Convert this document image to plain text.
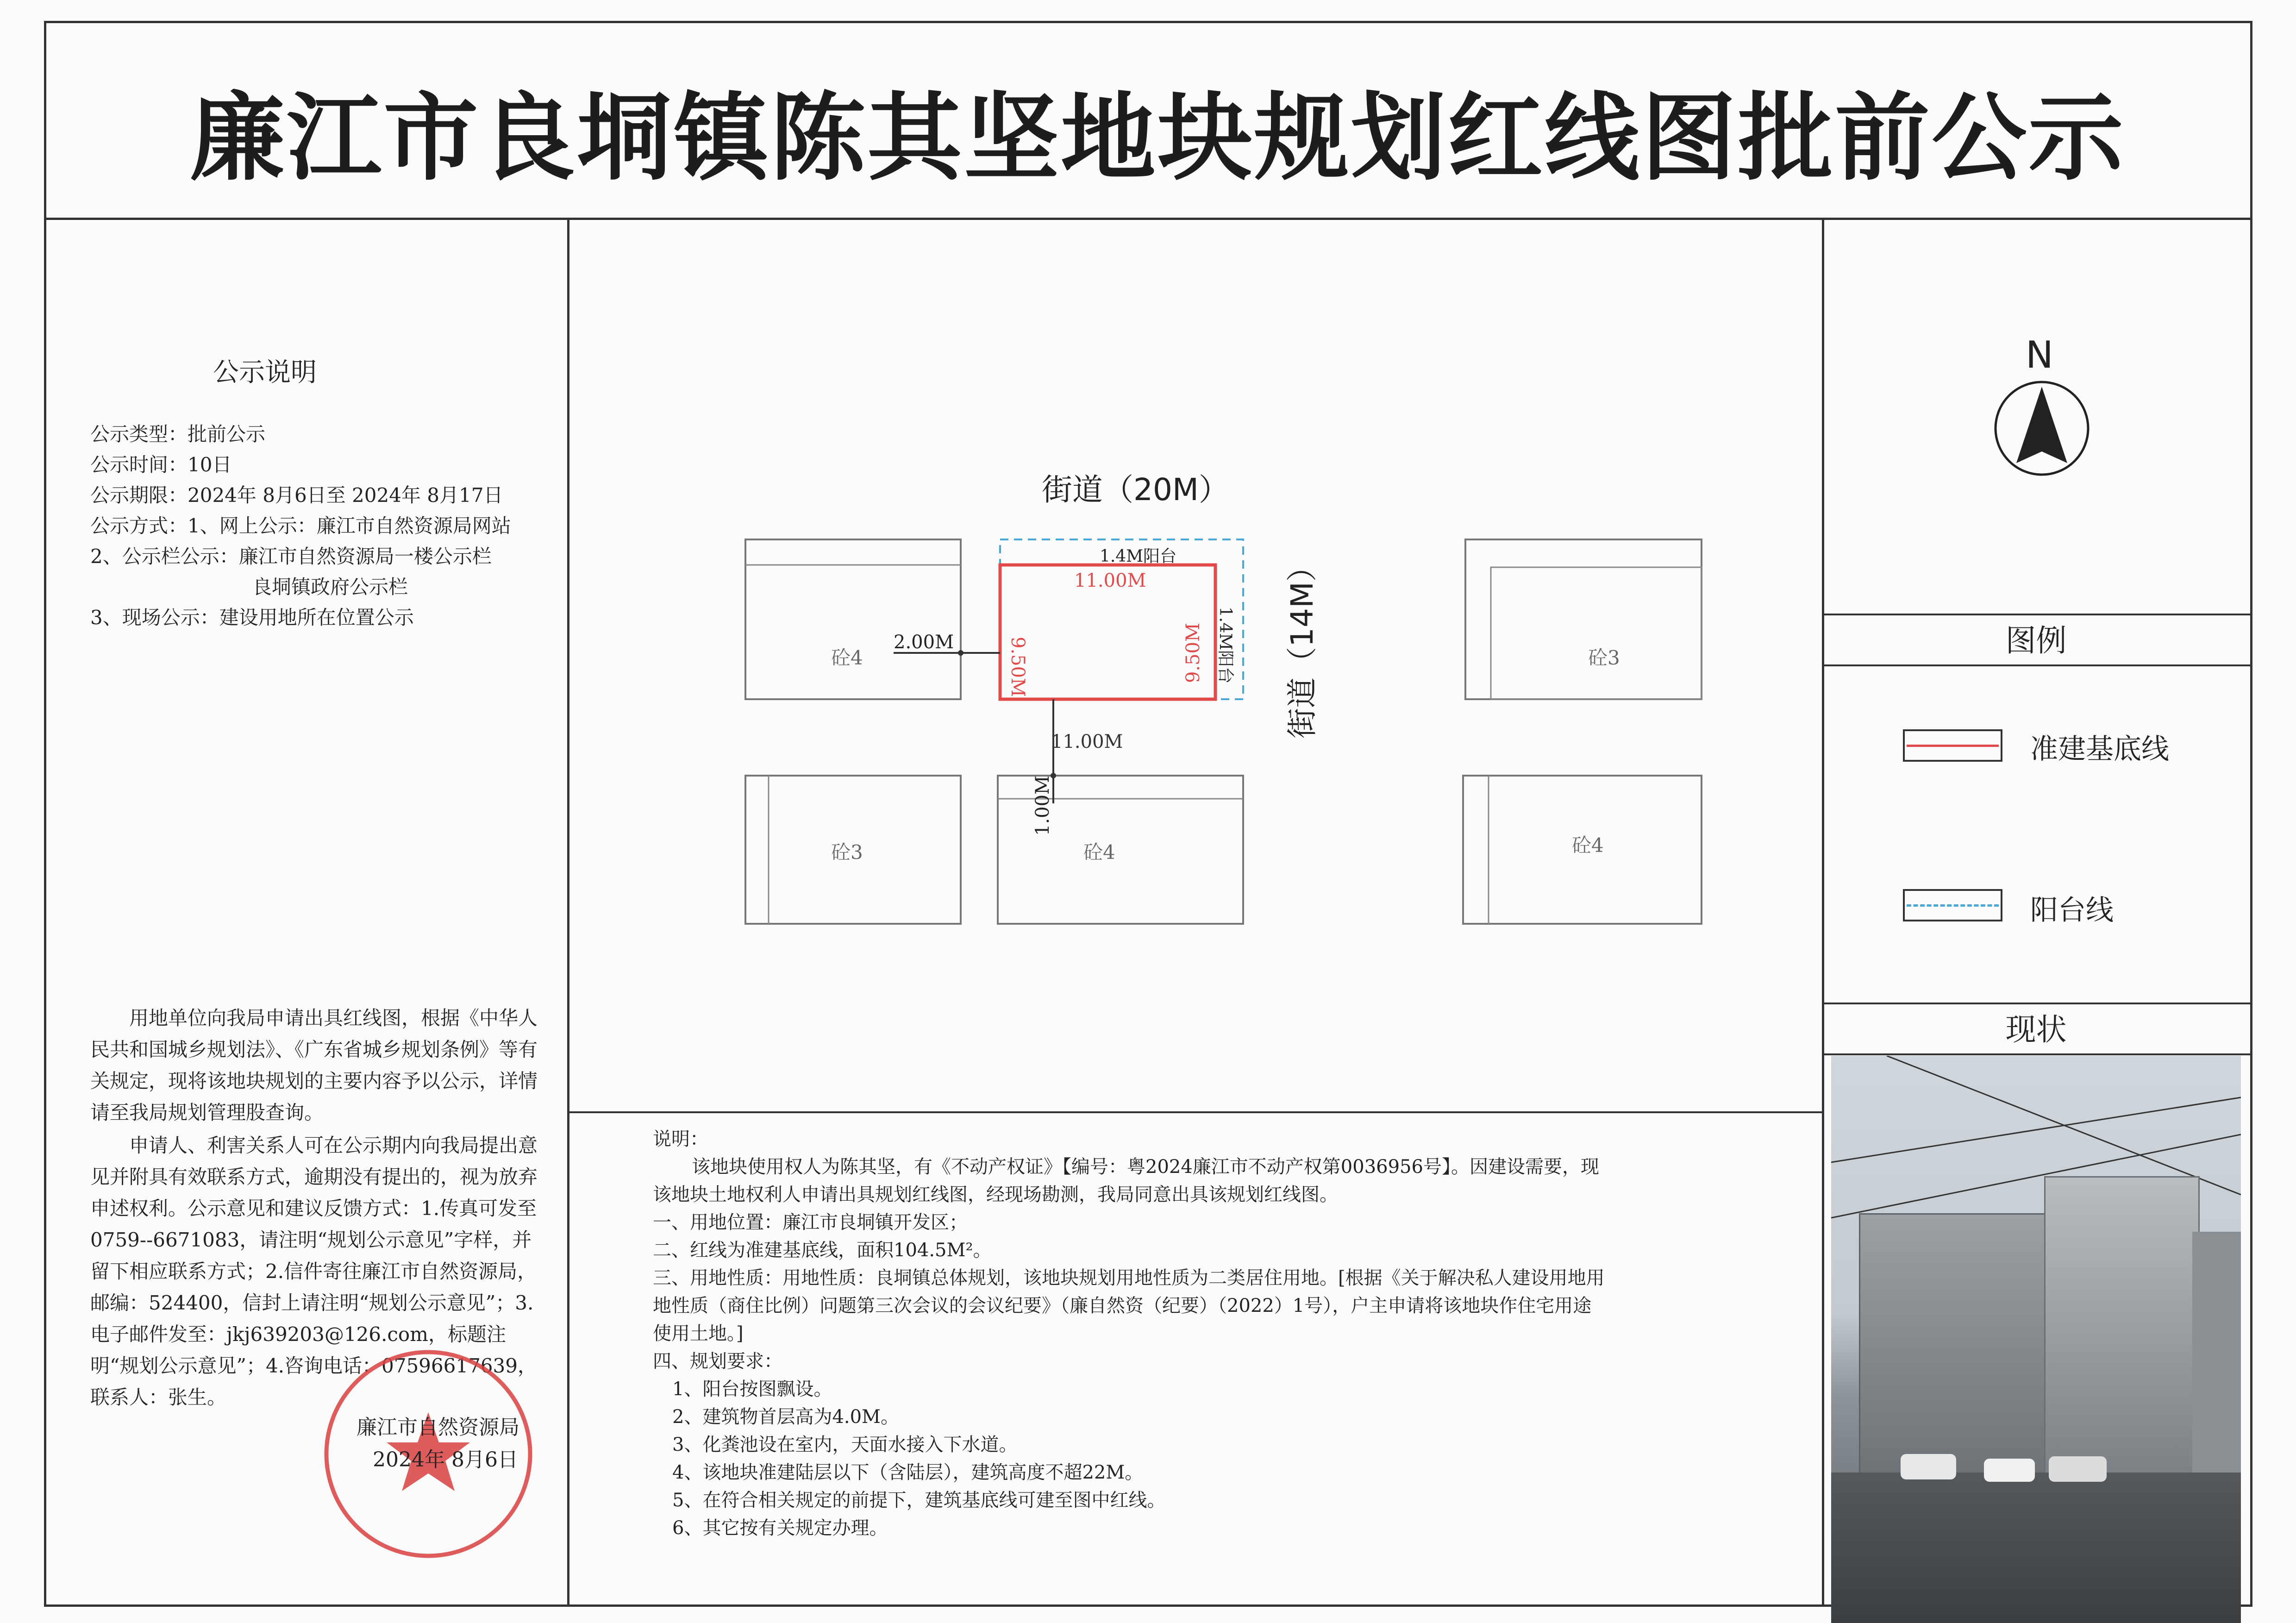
廉江市良垌镇陈其坚地块规划红线图批前公示
公示说明
公示类型：批前公示
公示时间：10日
公示期限：2024年 8月6日至 2024年 8月17日
公示方式：1、网上公示：廉江市自然资源局网站
2、公示栏公示：廉江市自然资源局一楼公示栏
良垌镇政府公示栏
3、现场公示：建设用地所在位置公示
用地单位向我局申请出具红线图，根据《中华人民共和国城乡规划法》、《广东省城乡规划条例》等有关规定，现将该地块规划的主要内容予以公示，详情请至我局规划管理股查询。
申请人、利害关系人可在公示期内向我局提出意见并附具有效联系方式，逾期没有提出的，视为放弃申述权利。公示意见和建议反馈方式：1.传真可发至0759--6671083，请注明“规划公示意见”字样，并留下相应联系方式；2.信件寄往廉江市自然资源局，邮编：524400，信封上请注明“规划公示意见”；3.电子邮件发至：jkj639203@126.com，标题注明“规划公示意见”；4.咨询电话：07596617639，联系人：张生。
廉江市自然资源局
2024年 8月6日
街道（20M）
街道（14M）
1.4M阳台
1.4M阳台
11.00M
11.00M
9.50M	9.50M
2.00M
1.00M
砼4
砼3	砼4
砼3
砼4
说明：
该地块使用权人为陈其坚，有《不动产权证》【编号：粤2024廉江市不动产权第0036956号】。因建设需要，现该地块土地权利人申请出具规划红线图，经现场勘测，我局同意出具该规划红线图。
一、用地位置：廉江市良垌镇开发区；
二、红线为准建基底线，面积104.5M²。
三、用地性质：用地性质：良垌镇总体规划，该地块规划用地性质为二类居住用地。[根据《关于解决私人建设用地用地性质（商住比例）问题第三次会议的会议纪要》（廉自然资（纪要）（2022）1号），户主申请将该地块作住宅用途使用土地。]
四、规划要求：
1、阳台按图飘设。
2、建筑物首层高为4.0M。
3、化粪池设在室内，天面水接入下水道。
4、该地块准建陆层以下（含陆层），建筑高度不超22M。
5、在符合相关规定的前提下，建筑基底线可建至图中红线。
6、其它按有关规定办理。
N
图例
准建基底线
阳台线
现状
